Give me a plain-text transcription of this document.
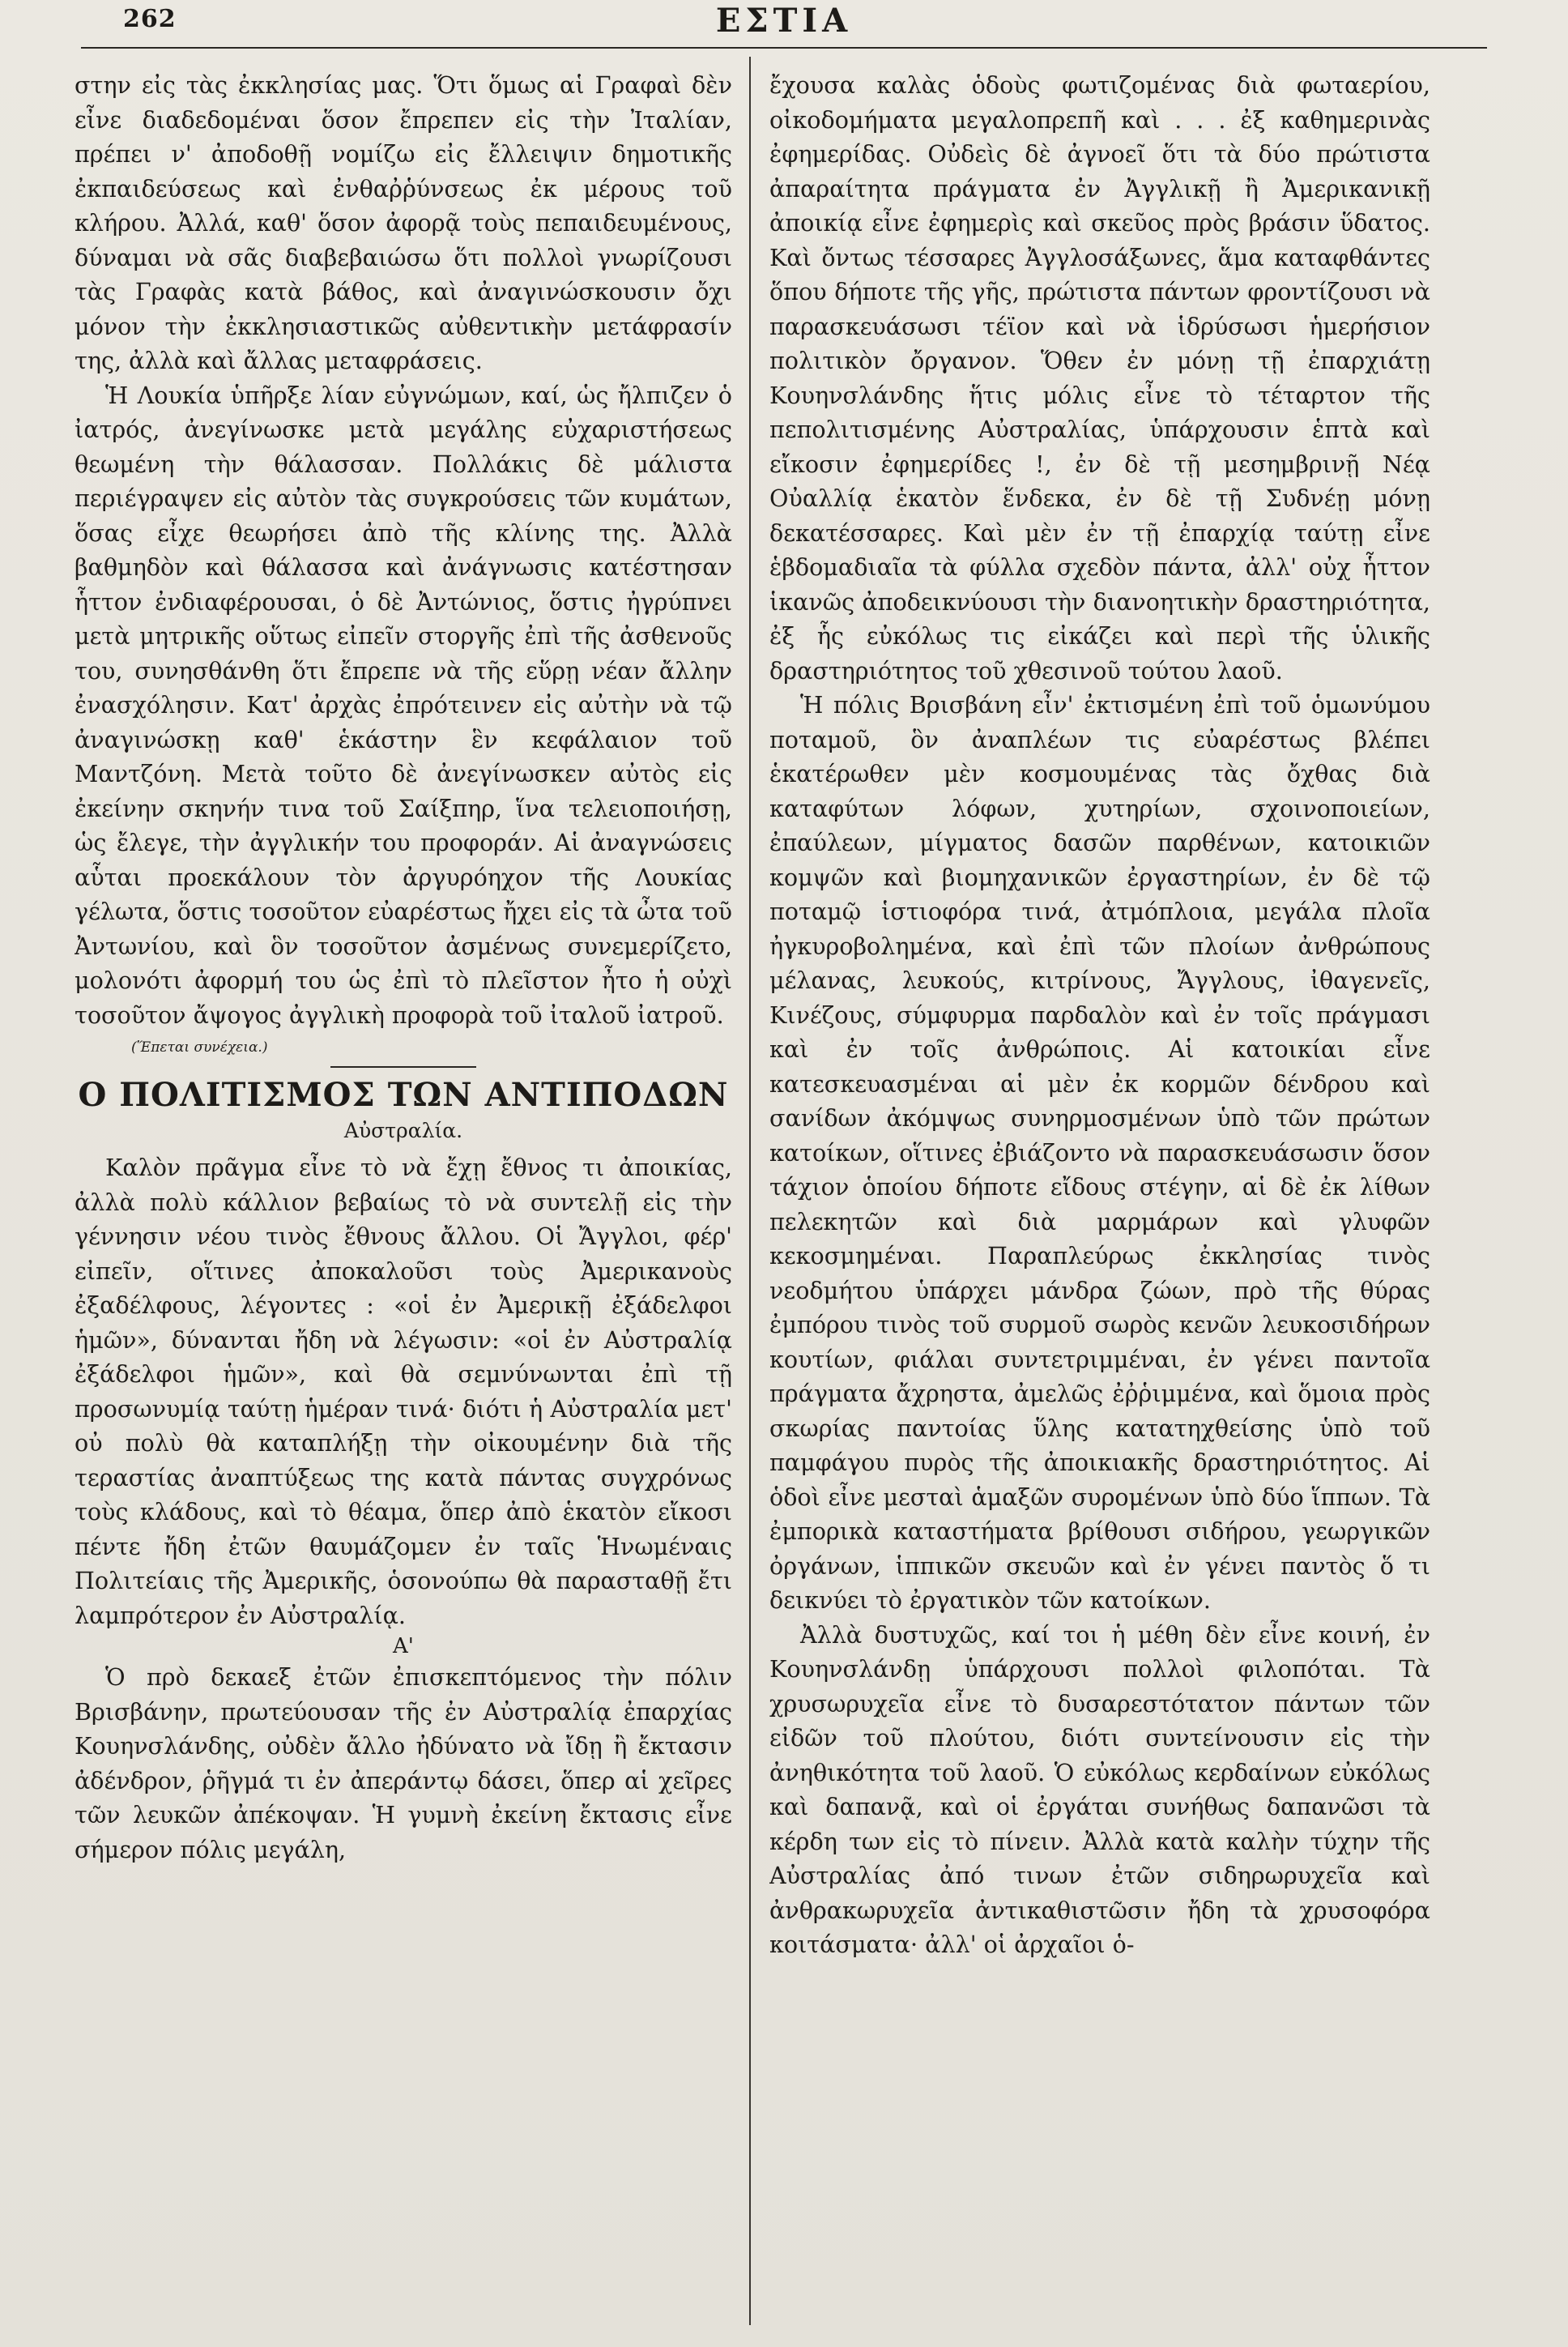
262	ΕΣΤΙΑ

στην εἰς τὰς ἐκκλησίας μας. Ὅτι ὅμως αἱ Γραφαὶ δὲν εἶνε διαδεδομέναι ὅσον ἔπρεπεν εἰς τὴν Ἰταλίαν, πρέπει ν' ἀποδοθῇ νομίζω εἰς ἔλλειψιν δημοτικῆς ἐκπαιδεύσεως καὶ ἐνθαῤῥύνσεως ἐκ μέρους τοῦ κλήρου. Ἀλλά, καθ' ὅσον ἀφορᾷ τοὺς πεπαιδευμένους, δύναμαι νὰ σᾶς διαβεβαιώσω ὅτι πολλοὶ γνωρίζουσι τὰς Γραφὰς κατὰ βάθος, καὶ ἀναγινώσκουσιν ὄχι μόνον τὴν ἐκκλησιαστικῶς αὐθεντικὴν μετάφρασίν της, ἀλλὰ καὶ ἄλλας μεταφράσεις.

Ἡ Λουκία ὑπῆρξε λίαν εὐγνώμων, καί, ὡς ἤλπιζεν ὁ ἰατρός, ἀνεγίνωσκε μετὰ μεγάλης εὐχαριστήσεως θεωμένη τὴν θάλασσαν. Πολλάκις δὲ μάλιστα περιέγραψεν εἰς αὐτὸν τὰς συγκρούσεις τῶν κυμάτων, ὅσας εἶχε θεωρήσει ἀπὸ τῆς κλίνης της. Ἀλλὰ βαθμηδὸν καὶ θάλασσα καὶ ἀνάγνωσις κατέστησαν ἧττον ἐνδιαφέρουσαι, ὁ δὲ Ἀντώνιος, ὅστις ἠγρύπνει μετὰ μητρικῆς οὕτως εἰπεῖν στοργῆς ἐπὶ τῆς ἀσθενοῦς του, συνησθάνθη ὅτι ἔπρεπε νὰ τῆς εὕρῃ νέαν ἄλλην ἐνασχόλησιν. Κατ' ἀρχὰς ἐπρότεινεν εἰς αὐτὴν νὰ τῷ ἀναγινώσκῃ καθ' ἑκάστην ἓν κεφάλαιον τοῦ Μαντζόνη. Μετὰ τοῦτο δὲ ἀνεγίνωσκεν αὐτὸς εἰς ἐκείνην σκηνήν τινα τοῦ Σαίξπηρ, ἵνα τελειοποιήσῃ, ὡς ἔλεγε, τὴν ἀγγλικήν του προφοράν. Αἱ ἀναγνώσεις αὗται προεκάλουν τὸν ἀργυρόηχον τῆς Λουκίας γέλωτα, ὅστις τοσοῦτον εὐαρέστως ἤχει εἰς τὰ ὦτα τοῦ Ἀντωνίου, καὶ ὃν τοσοῦτον ἀσμένως συνεμερίζετο, μολονότι ἀφορμή του ὡς ἐπὶ τὸ πλεῖστον ἦτο ἡ οὐχὶ τοσοῦτον ἄψογος ἀγγλικὴ προφορὰ τοῦ ἰταλοῦ ἰατροῦ.

(Ἕπεται συνέχεια.)

Ο ΠΟΛΙΤΙΣΜΟΣ ΤΩΝ ΑΝΤΙΠΟΔΩΝ

Αὐστραλία.

Καλὸν πρᾶγμα εἶνε τὸ νὰ ἔχῃ ἔθνος τι ἀποικίας, ἀλλὰ πολὺ κάλλιον βεβαίως τὸ νὰ συντελῇ εἰς τὴν γέννησιν νέου τινὸς ἔθνους ἄλλου. Οἱ Ἄγγλοι, φέρ' εἰπεῖν, οἵτινες ἀποκαλοῦσι τοὺς Ἀμερικανοὺς ἐξαδέλφους, λέγοντες : «οἱ ἐν Ἀμερικῇ ἐξάδελφοι ἡμῶν», δύνανται ἤδη νὰ λέγωσιν: «οἱ ἐν Αὐστραλίᾳ ἐξάδελφοι ἡμῶν», καὶ θὰ σεμνύνωνται ἐπὶ τῇ προσωνυμίᾳ ταύτῃ ἡμέραν τινά· διότι ἡ Αὐστραλία μετ' οὐ πολὺ θὰ καταπλήξῃ τὴν οἰκουμένην διὰ τῆς τεραστίας ἀναπτύξεως της κατὰ πάντας συγχρόνως τοὺς κλάδους, καὶ τὸ θέαμα, ὅπερ ἀπὸ ἑκατὸν εἴκοσι πέντε ἤδη ἐτῶν θαυμάζομεν ἐν ταῖς Ἡνωμέναις Πολιτείαις τῆς Ἀμερικῆς, ὁσονούπω θὰ παρασταθῇ ἔτι λαμπρότερον ἐν Αὐστραλίᾳ.

Α'

Ὁ πρὸ δεκαεξ ἐτῶν ἐπισκεπτόμενος τὴν πόλιν Βρισβάνην, πρωτεύουσαν τῆς ἐν Αὐστραλίᾳ ἐπαρχίας Κουηνσλάνδης, οὐδὲν ἄλλο ἠδύνατο νὰ ἴδῃ ἢ ἔκτασιν ἀδένδρον, ῥῆγμά τι ἐν ἀπεράντῳ δάσει, ὅπερ αἱ χεῖρες τῶν λευκῶν ἀπέκοψαν. Ἡ γυμνὴ ἐκείνη ἔκτασις εἶνε σήμερον πόλις μεγάλη,

ἔχουσα καλὰς ὁδοὺς φωτιζομένας διὰ φωταερίου, οἰκοδομήματα μεγαλοπρεπῆ καὶ . . . ἐξ καθημερινὰς ἐφημερίδας. Οὐδεὶς δὲ ἀγνοεῖ ὅτι τὰ δύο πρώτιστα ἀπαραίτητα πράγματα ἐν Ἀγγλικῇ ἢ Ἀμερικανικῇ ἀποικίᾳ εἶνε ἐφημερὶς καὶ σκεῦος πρὸς βράσιν ὕδατος. Καὶ ὄντως τέσσαρες Ἀγγλοσάξωνες, ἅμα καταφθάντες ὅπου δήποτε τῆς γῆς, πρώτιστα πάντων φροντίζουσι νὰ παρασκευάσωσι τέϊον καὶ νὰ ἱδρύσωσι ἡμερήσιον πολιτικὸν ὄργανον. Ὅθεν ἐν μόνῃ τῇ ἐπαρχιάτῃ Κουηνσλάνδης ἥτις μόλις εἶνε τὸ τέταρτον τῆς πεπολιτισμένης Αὐστραλίας, ὑπάρχουσιν ἑπτὰ καὶ εἴκοσιν ἐφημερίδες !, ἐν δὲ τῇ μεσημβρινῇ Νέᾳ Οὐαλλίᾳ ἑκατὸν ἕνδεκα, ἐν δὲ τῇ Συδνέῃ μόνῃ δεκατέσσαρες. Καὶ μὲν ἐν τῇ ἐπαρχίᾳ ταύτῃ εἶνε ἑβδομαδιαῖα τὰ φύλλα σχεδὸν πάντα, ἀλλ' οὐχ ἧττον ἱκανῶς ἀποδεικνύουσι τὴν διανοητικὴν δραστηριότητα, ἐξ ἧς εὐκόλως τις εἰκάζει καὶ περὶ τῆς ὑλικῆς δραστηριότητος τοῦ χθεσινοῦ τούτου λαοῦ.

Ἡ πόλις Βρισβάνη εἶν' ἐκτισμένη ἐπὶ τοῦ ὁμωνύμου ποταμοῦ, ὃν ἀναπλέων τις εὐαρέστως βλέπει ἑκατέρωθεν μὲν κοσμουμένας τὰς ὄχθας διὰ καταφύτων λόφων, χυτηρίων, σχοινοποιείων, ἐπαύλεων, μίγματος δασῶν παρθένων, κατοικιῶν κομψῶν καὶ βιομηχανικῶν ἐργαστηρίων, ἐν δὲ τῷ ποταμῷ ἱστιοφόρα τινά, ἀτμόπλοια, μεγάλα πλοῖα ἠγκυροβολημένα, καὶ ἐπὶ τῶν πλοίων ἀνθρώπους μέλανας, λευκούς, κιτρίνους, Ἄγγλους, ἰθαγενεῖς, Κινέζους, σύμφυρμα παρδαλὸν καὶ ἐν τοῖς πράγμασι καὶ ἐν τοῖς ἀνθρώποις. Αἱ κατοικίαι εἶνε κατεσκευασμέναι αἱ μὲν ἐκ κορμῶν δένδρου καὶ σανίδων ἀκόμψως συνηρμοσμένων ὑπὸ τῶν πρώτων κατοίκων, οἵτινες ἐβιάζοντο νὰ παρασκευάσωσιν ὅσον τάχιον ὁποίου δήποτε εἴδους στέγην, αἱ δὲ ἐκ λίθων πελεκητῶν καὶ διὰ μαρμάρων καὶ γλυφῶν κεκοσμημέναι. Παραπλεύρως ἐκκλησίας τινὸς νεοδμήτου ὑπάρχει μάνδρα ζώων, πρὸ τῆς θύρας ἐμπόρου τινὸς τοῦ συρμοῦ σωρὸς κενῶν λευκοσιδήρων κουτίων, φιάλαι συντετριμμέναι, ἐν γένει παντοῖα πράγματα ἄχρηστα, ἀμελῶς ἐῤῥιμμένα, καὶ ὅμοια πρὸς σκωρίας παντοίας ὕλης κατατηχθείσης ὑπὸ τοῦ παμφάγου πυρὸς τῆς ἀποικιακῆς δραστηριότητος. Αἱ ὁδοὶ εἶνε μεσταὶ ἁμαξῶν συρομένων ὑπὸ δύο ἵππων. Τὰ ἐμπορικὰ καταστήματα βρίθουσι σιδήρου, γεωργικῶν ὀργάνων, ἱππικῶν σκευῶν καὶ ἐν γένει παντὸς ὅ τι δεικνύει τὸ ἐργατικὸν τῶν κατοίκων.

Ἀλλὰ δυστυχῶς, καί τοι ἡ μέθη δὲν εἶνε κοινή, ἐν Κουηνσλάνδῃ ὑπάρχουσι πολλοὶ φιλοπόται. Τὰ χρυσωρυχεῖα εἶνε τὸ δυσαρεστότατον πάντων τῶν εἰδῶν τοῦ πλούτου, διότι συντείνουσιν εἰς τὴν ἀνηθικότητα τοῦ λαοῦ. Ὁ εὐκόλως κερδαίνων εὐκόλως καὶ δαπανᾷ, καὶ οἱ ἐργάται συνήθως δαπανῶσι τὰ κέρδη των εἰς τὸ πίνειν. Ἀλλὰ κατὰ καλὴν τύχην τῆς Αὐστραλίας ἀπό τινων ἐτῶν σιδηρωρυχεῖα καὶ ἀνθρακωρυχεῖα ἀντικαθιστῶσιν ἤδη τὰ χρυσοφόρα κοιτάσματα· ἀλλ' οἱ ἀρχαῖοι ὁ-
